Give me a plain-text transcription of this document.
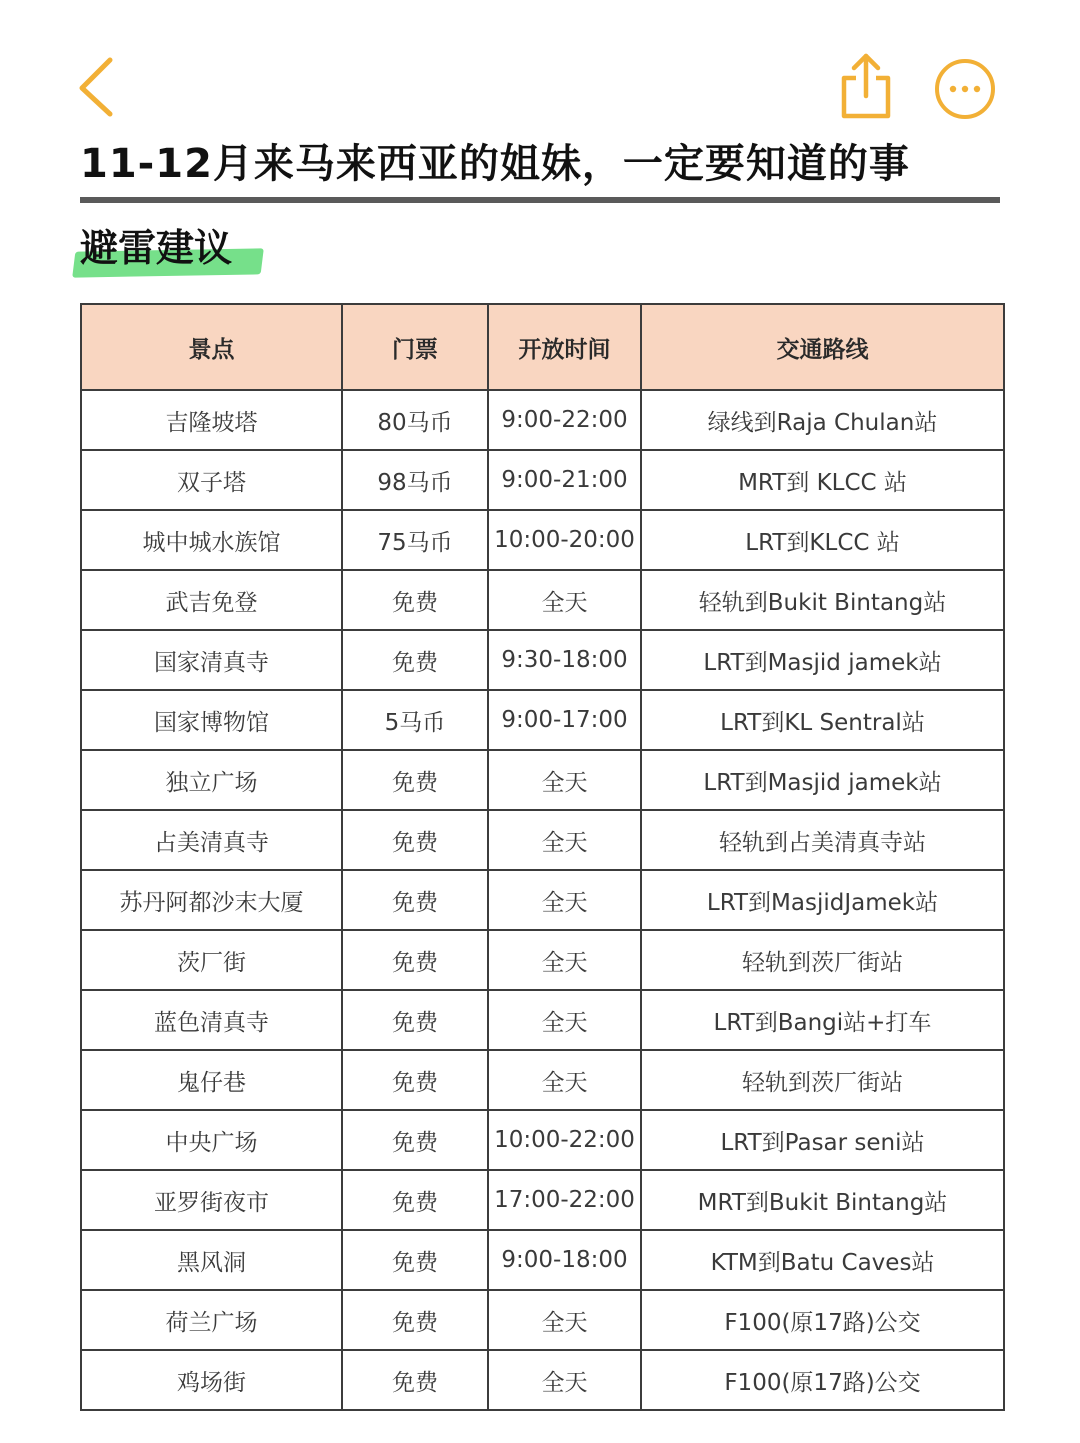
11-12月来马来西亚的姐妹，一定要知道的事
避雷建议
景点	门票	开放时间	交通路线
吉隆坡塔	80马币	9:00-22:00	绿线到Raja Chulan站
双子塔	98马币	9:00-21:00	MRT到 KLCC 站
城中城水族馆	75马币	10:00-20:00	LRT到KLCC 站
武吉免登	免费	全天	轻轨到Bukit Bintang站
国家清真寺	免费	9:30-18:00	LRT到Masjid jamek站
国家博物馆	5马币	9:00-17:00	LRT到KL Sentral站
独立广场	免费	全天	LRT到Masjid jamek站
占美清真寺	免费	全天	轻轨到占美清真寺站
苏丹阿都沙末大厦	免费	全天	LRT到MasjidJamek站
茨厂街	免费	全天	轻轨到茨厂街站
蓝色清真寺	免费	全天	LRT到Bangi站+打车
鬼仔巷	免费	全天	轻轨到茨厂街站
中央广场	免费	10:00-22:00	LRT到Pasar seni站
亚罗街夜市	免费	17:00-22:00	MRT到Bukit Bintang站
黑风洞	免费	9:00-18:00	KTM到Batu Caves站
荷兰广场	免费	全天	F100(原17路)公交
鸡场街	免费	全天	F100(原17路)公交
